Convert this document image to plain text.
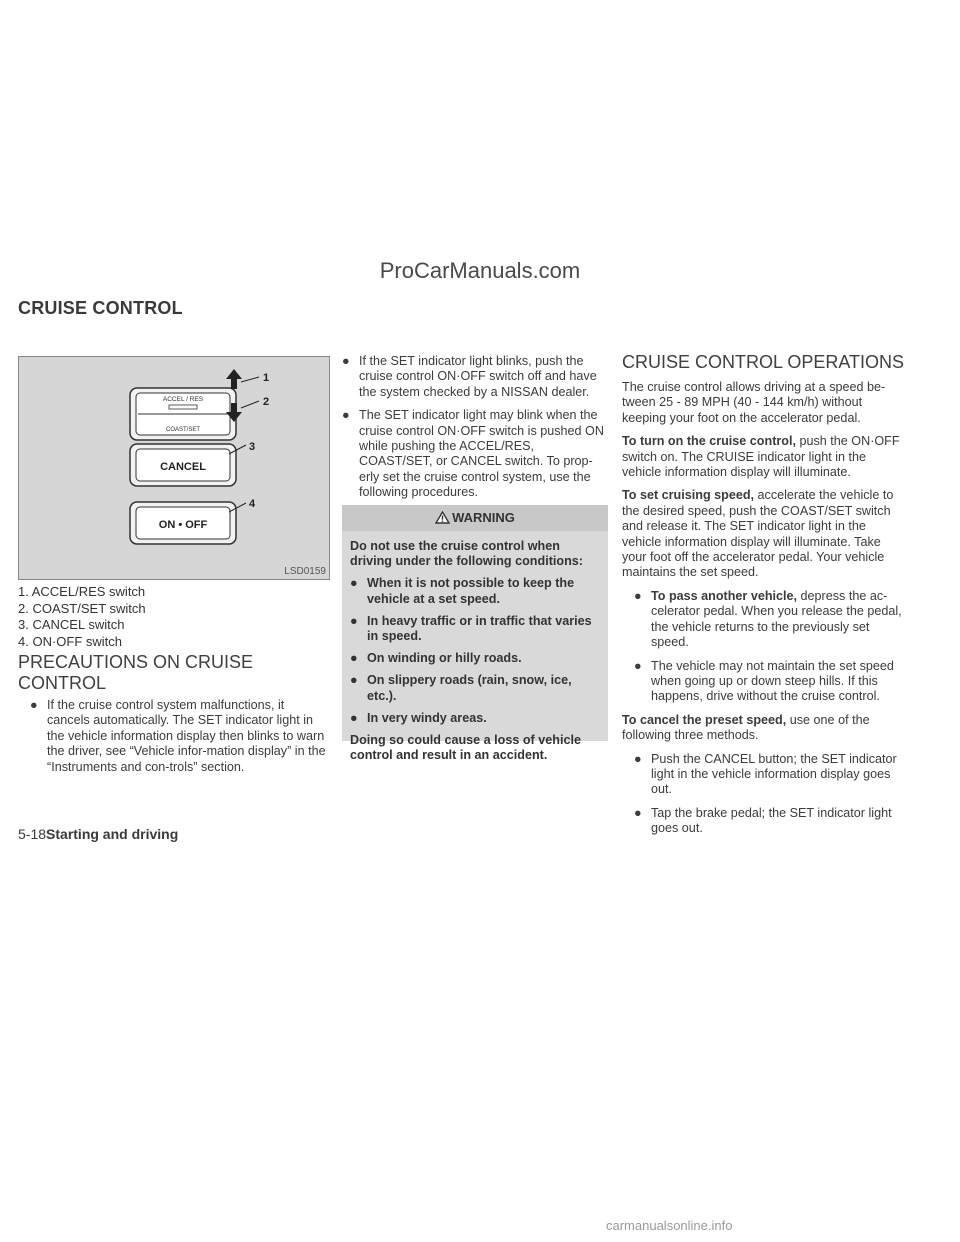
ProCarManuals.com
CRUISE CONTROL
ACCEL / RES
COAST/SET
1
2
CANCEL
3
ON • OFF
4
LSD0159
1. ACCEL/RES switch
2. COAST/SET switch
3. CANCEL switch
4. ON·OFF switch
PRECAUTIONS ON CRUISE
CONTROL
● If the cruise control system malfunctions, it cancels automatically. The SET indicator light in the vehicle information display then blinks to warn the driver, see “Vehicle infor-mation display” in the “Instruments and con-trols” section.
● If the SET indicator light blinks, push the cruise control ON·OFF switch off and have the system checked by a NISSAN dealer.
● The SET indicator light may blink when the cruise control ON·OFF switch is pushed ON while pushing the ACCEL/RES, COAST/SET, or CANCEL switch. To prop-erly set the cruise control system, use the following procedures.
WARNING
Do not use the cruise control when driving under the following conditions:
● When it is not possible to keep the vehicle at a set speed.
● In heavy traffic or in traffic that varies in speed.
● On winding or hilly roads.
● On slippery roads (rain, snow, ice, etc.).
● In very windy areas.
Doing so could cause a loss of vehicle control and result in an accident.
CRUISE CONTROL OPERATIONS
The cruise control allows driving at a speed be-tween 25 - 89 MPH (40 - 144 km/h) without keeping your foot on the accelerator pedal.
To turn on the cruise control, push the ON·OFF switch on. The CRUISE indicator light in the vehicle information display will illuminate.
To set cruising speed, accelerate the vehicle to the desired speed, push the COAST/SET switch and release it. The SET indicator light in the vehicle information display will illuminate. Take your foot off the accelerator pedal. Your vehicle maintains the set speed.
● To pass another vehicle, depress the ac-celerator pedal. When you release the pedal, the vehicle returns to the previously set speed.
● The vehicle may not maintain the set speed when going up or down steep hills. If this happens, drive without the cruise control.
To cancel the preset speed, use one of the following three methods.
● Push the CANCEL button; the SET indicator light in the vehicle information display goes out.
● Tap the brake pedal; the SET indicator light goes out.
5-18Starting and driving
carmanualsonline.info
